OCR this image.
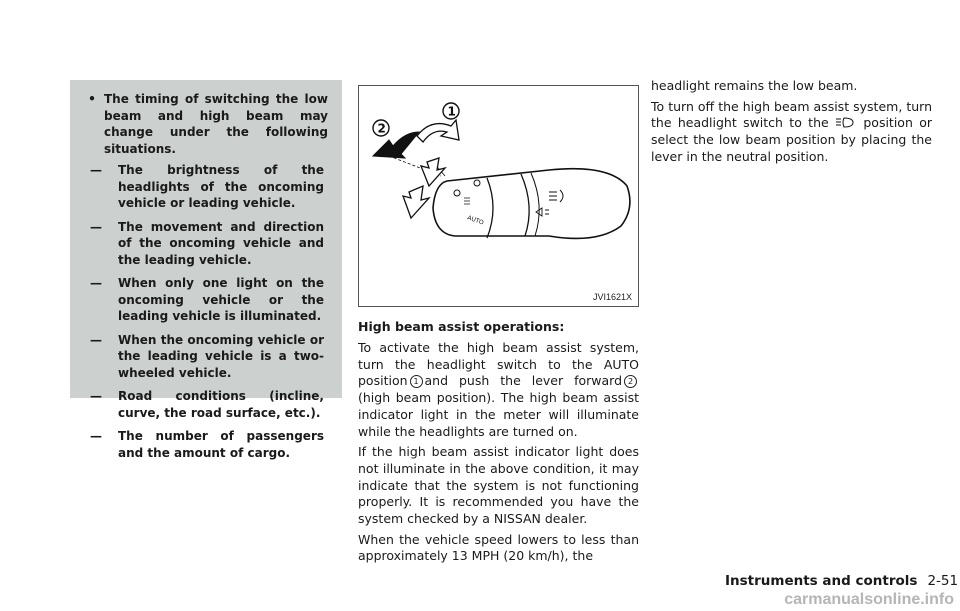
• The timing of switching the low beam and high beam may change under the following situations.
— The brightness of the headlights of the oncoming vehicle or leading vehicle.
— The movement and direction of the oncoming vehicle and the leading vehicle.
— When only one light on the oncoming vehicle or the leading vehicle is illuminated.
— When the oncoming vehicle or the leading vehicle is a two-wheeled vehicle.
— Road conditions (incline, curve, the road surface, etc.).
— The number of passengers and the amount of cargo.
AUTO
1
2
JVI1621X
High beam assist operations:

To activate the high beam assist system, turn the headlight switch to the AUTO position 1 and push the lever forward 2(high beam position). The high beam assist indicator light in the meter will illuminate while the headlights are turned on.

If the high beam assist indicator light does not illuminate in the above condition, it may indicate that the system is not functioning properly. It is recommended you have the system checked by a NISSAN dealer.

When the vehicle speed lowers to less than approximately 13 MPH (20 km/h), the

headlight remains the low beam.

To turn off the high beam assist system, turn the headlight switch to the	position or select the low beam position by placing the lever in the neutral position.

Instruments and controls 2-51
carmanualsonline.info
